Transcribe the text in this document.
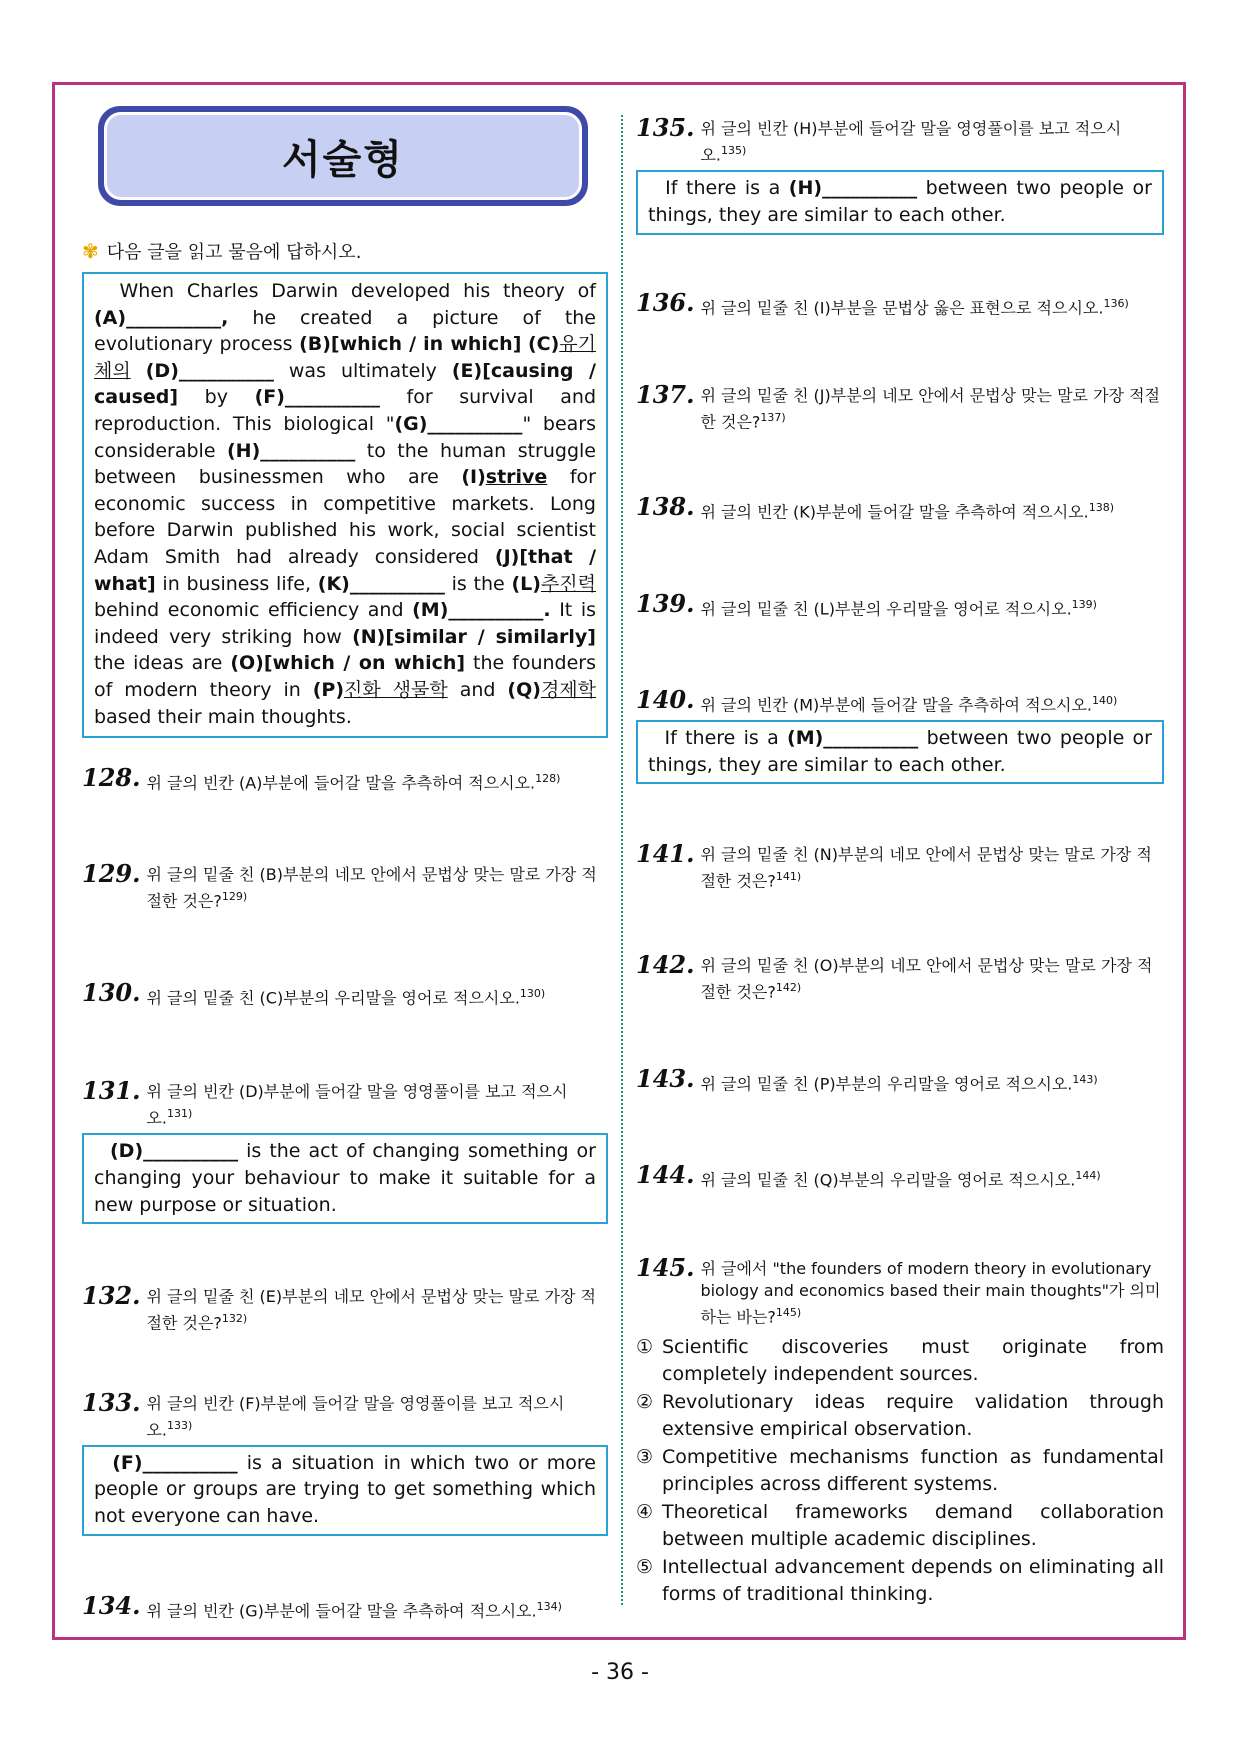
서술형
✾ 다음 글을 읽고 물음에 답하시오.
When Charles Darwin developed his theory of (A)__________, he created a picture of the evolutionary process (B)[which / in which] (C)유기체의 (D)__________ was ultimately (E)[causing / caused] by (F)__________ for survival and reproduction. This biological "(G)__________" bears considerable (H)__________ to the human struggle between businessmen who are (I)strive for economic success in competitive markets. Long before Darwin published his work, social scientist Adam Smith had already considered (J)[that / what] in business life, (K)__________ is the (L)추진력 behind economic efficiency and (M)__________. It is indeed very striking how (N)[similar / similarly] the ideas are (O)[which / on which] the founders of modern theory in (P)진화 생물학 and (Q)경제학 based their main thoughts.
128. 위 글의 빈칸 (A)부분에 들어갈 말을 추측하여 적으시오.$^{128)}$
129. 위 글의 밑줄 친 (B)부분의 네모 안에서 문법상 맞는 말로 가장 적절한 것은?$^{129)}$
130. 위 글의 밑줄 친 (C)부분의 우리말을 영어로 적으시오.$^{130)}$
131. 위 글의 빈칸 (D)부분에 들어갈 말을 영영풀이를 보고 적으시오.$^{131)}$
(D)__________ is the act of changing something or changing your behaviour to make it suitable for a new purpose or situation.
132. 위 글의 밑줄 친 (E)부분의 네모 안에서 문법상 맞는 말로 가장 적절한 것은?$^{132)}$
133. 위 글의 빈칸 (F)부분에 들어갈 말을 영영풀이를 보고 적으시오.$^{133)}$
(F)__________ is a situation in which two or more people or groups are trying to get something which not everyone can have.
134. 위 글의 빈칸 (G)부분에 들어갈 말을 추측하여 적으시오.$^{134)}$
135. 위 글의 빈칸 (H)부분에 들어갈 말을 영영풀이를 보고 적으시오.$^{135)}$
If there is a (H)__________ between two people or things, they are similar to each other.
136. 위 글의 밑줄 친 (I)부분을 문법상 옳은 표현으로 적으시오.$^{136)}$
137. 위 글의 밑줄 친 (J)부분의 네모 안에서 문법상 맞는 말로 가장 적절한 것은?$^{137)}$
138. 위 글의 빈칸 (K)부분에 들어갈 말을 추측하여 적으시오.$^{138)}$
139. 위 글의 밑줄 친 (L)부분의 우리말을 영어로 적으시오.$^{139)}$
140. 위 글의 빈칸 (M)부분에 들어갈 말을 추측하여 적으시오.$^{140)}$
If there is a (M)__________ between two people or things, they are similar to each other.
141. 위 글의 밑줄 친 (N)부분의 네모 안에서 문법상 맞는 말로 가장 적절한 것은?$^{141)}$
142. 위 글의 밑줄 친 (O)부분의 네모 안에서 문법상 맞는 말로 가장 적절한 것은?$^{142)}$
143. 위 글의 밑줄 친 (P)부분의 우리말을 영어로 적으시오.$^{143)}$
144. 위 글의 밑줄 친 (Q)부분의 우리말을 영어로 적으시오.$^{144)}$
145. 위 글에서 "the founders of modern theory in evolutionary biology and economics based their main thoughts"가 의미하는 바는?$^{145)}$
① Scientific discoveries must originate from completely independent sources.
② Revolutionary ideas require validation through extensive empirical observation.
③ Competitive mechanisms function as fundamental principles across different systems.
④ Theoretical frameworks demand collaboration between multiple academic disciplines.
⑤ Intellectual advancement depends on eliminating all forms of traditional thinking.
- 36 -
